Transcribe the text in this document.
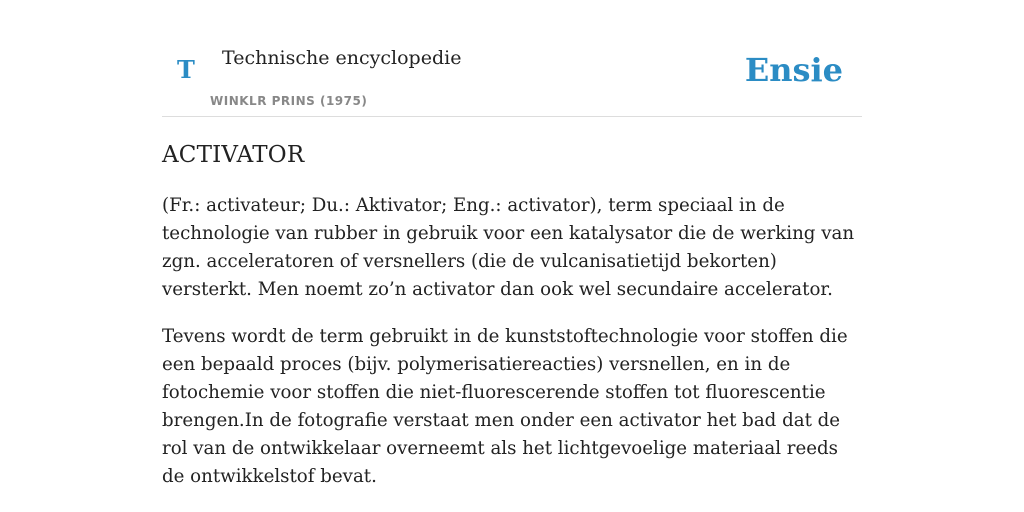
T Technische encyclopedie
WINKLR PRINS (1975)
Ensie
ACTIVATOR

(Fr.: activateur; Du.: Aktivator; Eng.: activator), term speciaal in de technologie van rubber in gebruik voor een katalysator die de werking van zgn. acceleratoren of versnellers (die de vulcanisatietijd bekorten) versterkt. Men noemt zo’n activator dan ook wel secundaire accelerator.

Tevens wordt de term gebruikt in de kunststoftechnologie voor stoffen die een bepaald proces (bijv. polymerisatiereacties) versnellen, en in de fotochemie voor stoffen die niet-fluorescerende stoffen tot fluorescentie brengen.In de fotografie verstaat men onder een activator het bad dat de rol van de ontwikkelaar overneemt als het lichtgevoelige materiaal reeds de ontwikkelstof bevat.
